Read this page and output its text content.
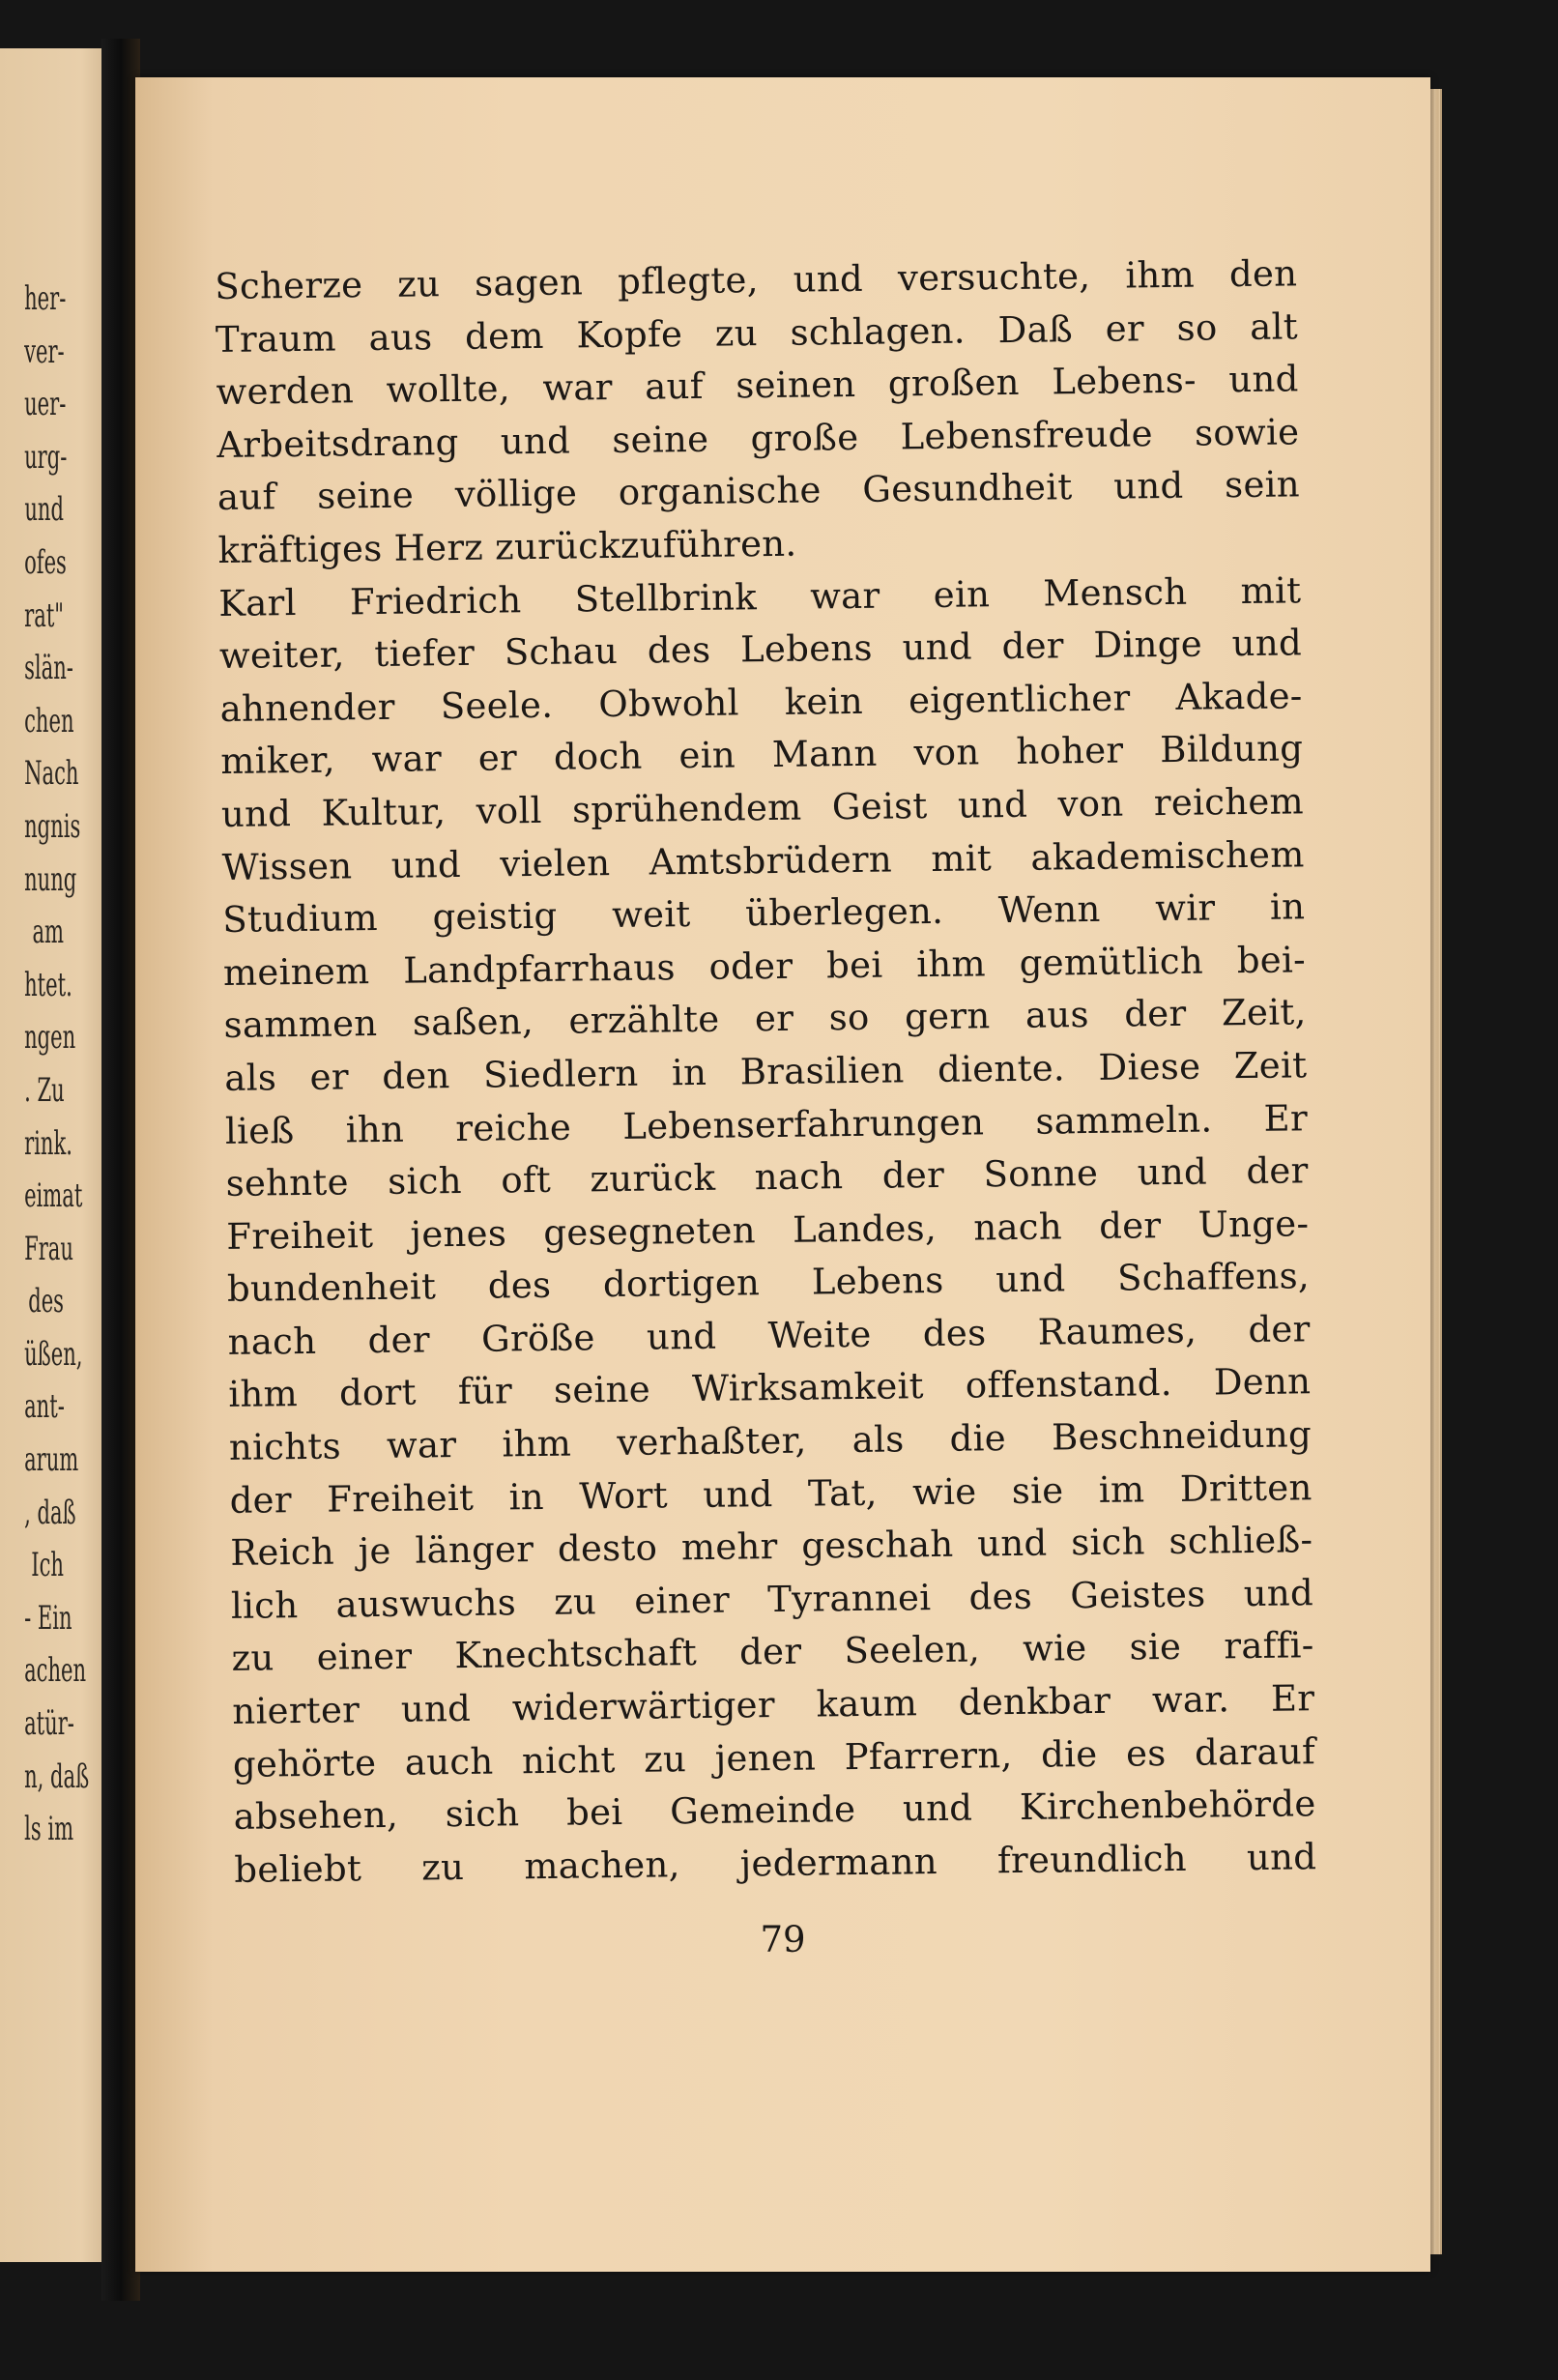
her-
ver-
uer-
urg-
und
ofes
rat"
slän-
chen
Nach
ngnis
nung
am
htet.
ngen
. Zu
rink.
eimat
Frau
des
üßen,
ant-
arum
, daß
Ich
- Ein
achen
atür-
n, daß
ls im
Scherze zu sagen pflegte, und versuchte, ihm den
Traum aus dem Kopfe zu schlagen. Daß er so alt
werden wollte, war auf seinen großen Lebens- und
Arbeitsdrang und seine große Lebensfreude sowie
auf seine völlige organische Gesundheit und sein
kräftiges Herz zurückzuführen.
Karl Friedrich Stellbrink war ein Mensch mit
weiter, tiefer Schau des Lebens und der Dinge und
ahnender Seele. Obwohl kein eigentlicher Akade-
miker, war er doch ein Mann von hoher Bildung
und Kultur, voll sprühendem Geist und von reichem
Wissen und vielen Amtsbrüdern mit akademischem
Studium geistig weit überlegen. Wenn wir in
meinem Landpfarrhaus oder bei ihm gemütlich bei-
sammen saßen, erzählte er so gern aus der Zeit,
als er den Siedlern in Brasilien diente. Diese Zeit
ließ ihn reiche Lebenserfahrungen sammeln. Er
sehnte sich oft zurück nach der Sonne und der
Freiheit jenes gesegneten Landes, nach der Unge-
bundenheit des dortigen Lebens und Schaffens,
nach der Größe und Weite des Raumes, der
ihm dort für seine Wirksamkeit offenstand. Denn
nichts war ihm verhaßter, als die Beschneidung
der Freiheit in Wort und Tat, wie sie im Dritten
Reich je länger desto mehr geschah und sich schließ-
lich auswuchs zu einer Tyrannei des Geistes und
zu einer Knechtschaft der Seelen, wie sie raffi-
nierter und widerwärtiger kaum denkbar war. Er
gehörte auch nicht zu jenen Pfarrern, die es darauf
absehen, sich bei Gemeinde und Kirchenbehörde
beliebt zu machen, jedermann freundlich und
79
